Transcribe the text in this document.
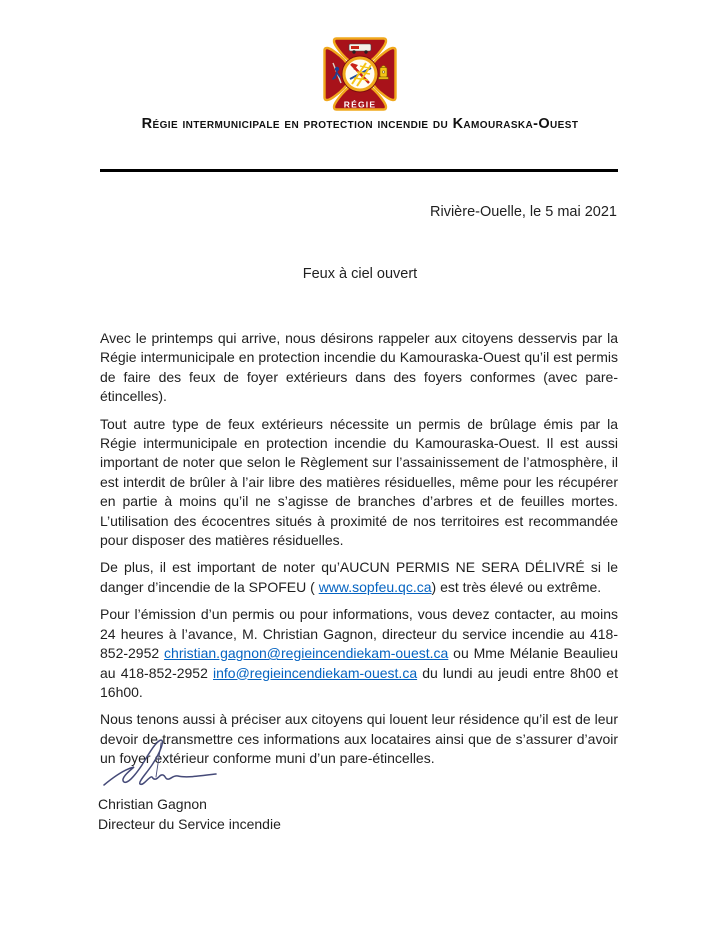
RÉGIE
Régie intermunicipale en protection incendie du Kamouraska-Ouest
Rivière-Ouelle, le 5 mai 2021
Feux à ciel ouvert

Avec le printemps qui arrive, nous désirons rappeler aux citoyens desservis par la Régie intermunicipale en protection incendie du Kamouraska-Ouest qu’il est permis de faire des feux de foyer extérieurs dans des foyers conformes (avec pare-étincelles).

Tout autre type de feux extérieurs nécessite un permis de brûlage émis par la Régie intermunicipale en protection incendie du Kamouraska-Ouest. Il est aussi important de noter que selon le Règlement sur l’assainissement de l’atmosphère, il est interdit de brûler à l’air libre des matières résiduelles, même pour les récupérer en partie à moins qu’il ne s’agisse de branches d’arbres et de feuilles mortes. L’utilisation des écocentres situés à proximité de nos territoires est recommandée pour disposer des matières résiduelles.

De plus, il est important de noter qu’AUCUN PERMIS NE SERA DÉLIVRÉ si le danger d’incendie de la SPOFEU ( www.sopfeu.qc.ca) est très élevé ou extrême.

Pour l’émission d’un permis ou pour informations, vous devez contacter, au moins 24 heures à l’avance, M. Christian Gagnon, directeur du service incendie au 418-852-2952 christian.gagnon@regieincendiekam-ouest.ca ou Mme Mélanie Beaulieu au 418-852-2952 info@regieincendiekam-ouest.ca du lundi au jeudi entre 8h00 et 16h00.

Nous tenons aussi à préciser aux citoyens qui louent leur résidence qu’il est de leur devoir de transmettre ces informations aux locataires ainsi que de s’assurer d’avoir un foyer extérieur conforme muni d’un pare-étincelles.

Christian Gagnon
Directeur du Service incendie
